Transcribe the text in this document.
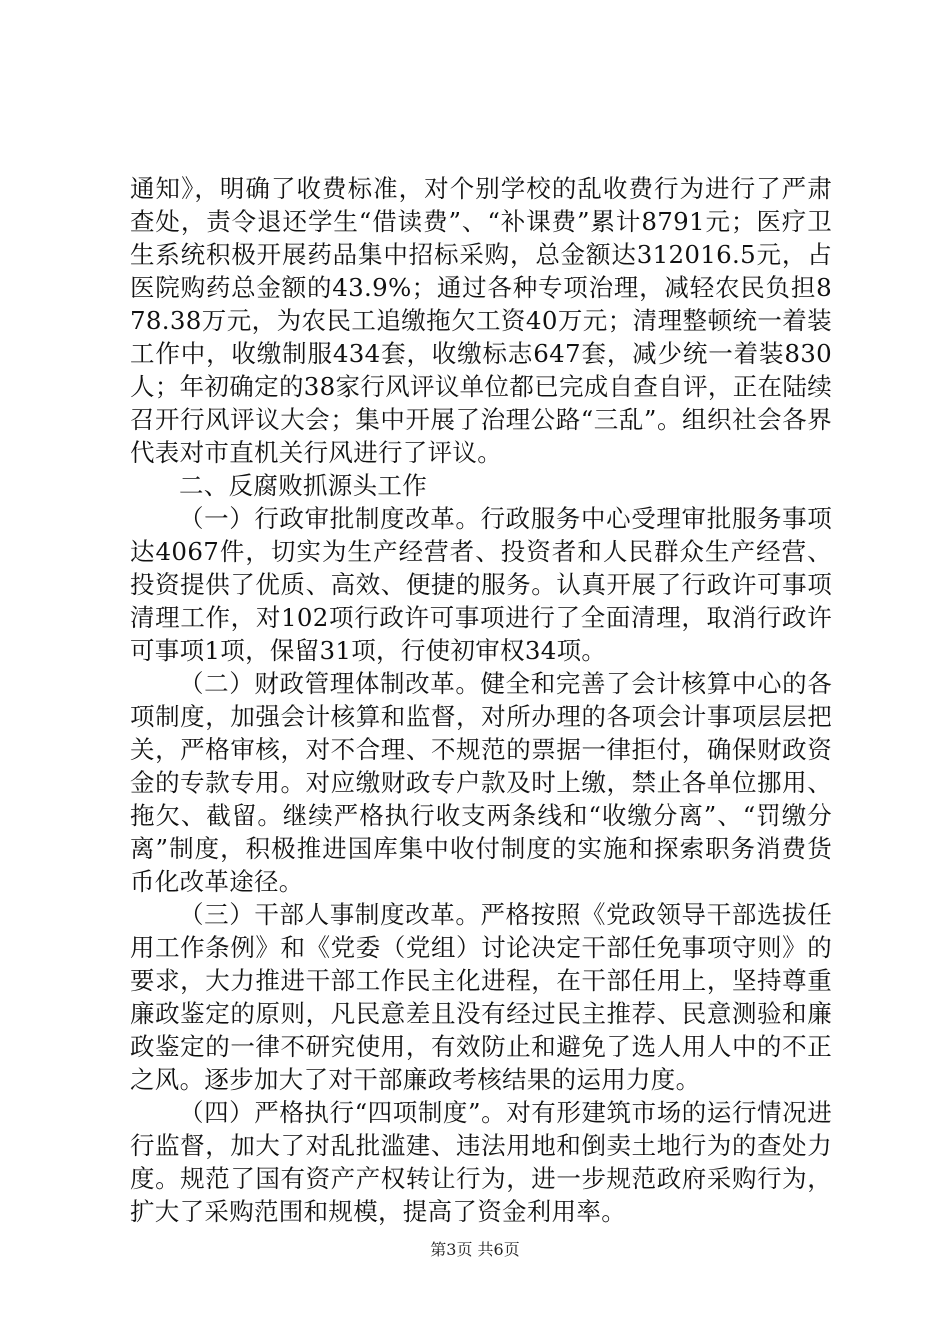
通知》，明确了收费标准，对个别学校的乱收费行为进行了严肃查处，责令退还学生“借读费”、“补课费”累计8791元；医疗卫生系统积极开展药品集中招标采购，总金额达312016.5元，占医院购药总金额的43.9%；通过各种专项治理，减轻农民负担878.38万元，为农民工追缴拖欠工资40万元；清理整顿统一着装工作中，收缴制服434套，收缴标志647套，减少统一着装830人；年初确定的38家行风评议单位都已完成自查自评，正在陆续召开行风评议大会；集中开展了治理公路“三乱”。组织社会各界代表对市直机关行风进行了评议。

二、反腐败抓源头工作

（一）行政审批制度改革。行政服务中心受理审批服务事项达4067件，切实为生产经营者、投资者和人民群众生产经营、投资提供了优质、高效、便捷的服务。认真开展了行政许可事项清理工作，对102项行政许可事项进行了全面清理，取消行政许可事项1项，保留31项，行使初审权34项。

（二）财政管理体制改革。健全和完善了会计核算中心的各项制度，加强会计核算和监督，对所办理的各项会计事项层层把关，严格审核，对不合理、不规范的票据一律拒付，确保财政资金的专款专用。对应缴财政专户款及时上缴，禁止各单位挪用、拖欠、截留。继续严格执行收支两条线和“收缴分离”、“罚缴分离”制度，积极推进国库集中收付制度的实施和探索职务消费货币化改革途径。

（三）干部人事制度改革。严格按照《党政领导干部选拔任用工作条例》和《党委（党组）讨论决定干部任免事项守则》的要求，大力推进干部工作民主化进程，在干部任用上，坚持尊重廉政鉴定的原则，凡民意差且没有经过民主推荐、民意测验和廉政鉴定的一律不研究使用，有效防止和避免了选人用人中的不正之风。逐步加大了对干部廉政考核结果的运用力度。

（四）严格执行“四项制度”。对有形建筑市场的运行情况进行监督，加大了对乱批滥建、违法用地和倒卖土地行为的查处力度。规范了国有资产产权转让行为，进一步规范政府采购行为，扩大了采购范围和规模，提高了资金利用率。

第3页 共6页
